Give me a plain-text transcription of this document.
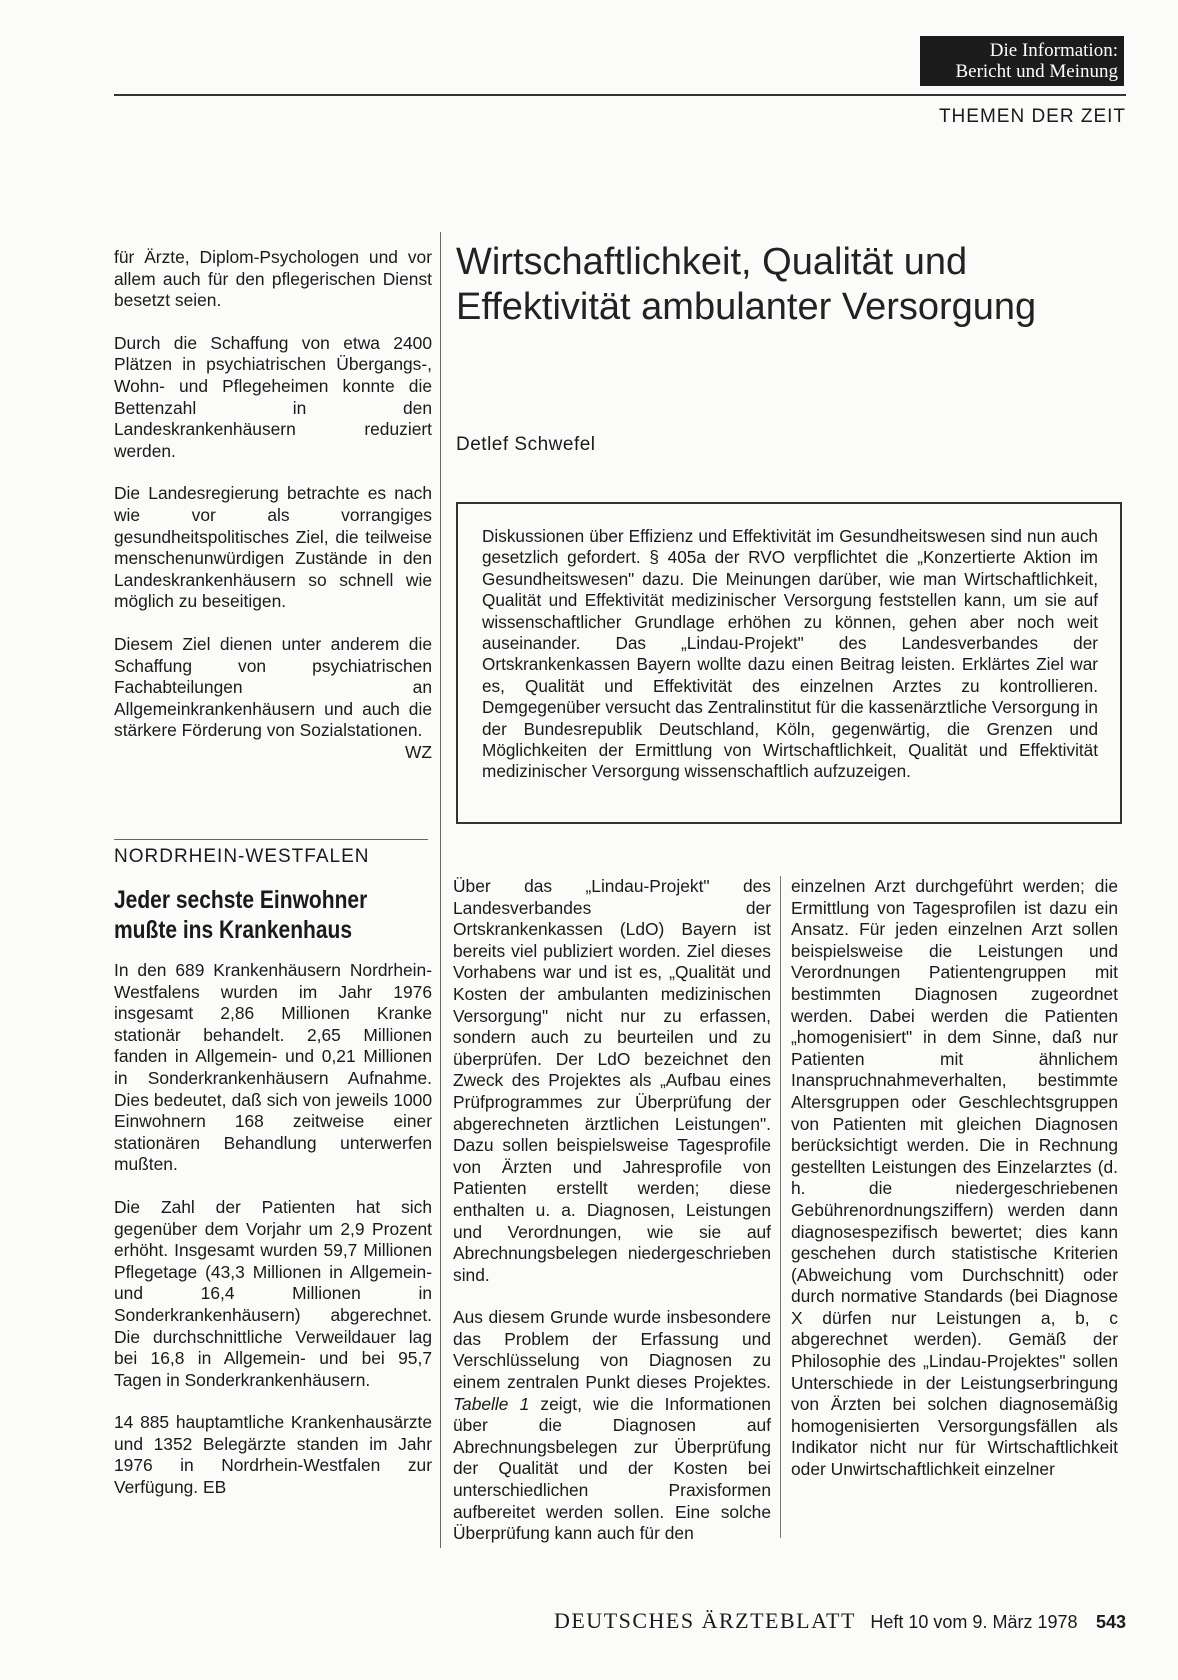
Die Information:
Bericht und Meinung
THEMEN DER ZEIT

für Ärzte, Diplom-Psychologen und vor allem auch für den pflegerischen Dienst besetzt seien.

Durch die Schaffung von etwa 2400 Plätzen in psychiatrischen Übergangs-, Wohn- und Pflegeheimen konnte die Bettenzahl in den Landeskrankenhäusern reduziert werden.

Die Landesregierung betrachte es nach wie vor als vorrangiges gesundheitspolitisches Ziel, die teilweise menschenunwürdigen Zustände in den Landeskrankenhäusern so schnell wie möglich zu beseitigen.

Diesem Ziel dienen unter anderem die Schaffung von psychiatrischen Fachabteilungen an Allgemeinkrankenhäusern und auch die stärkere Förderung von Sozialstationen.
WZ

Wirtschaftlichkeit, Qualität und Effektivität ambulanter Versorgung
Detlef Schwefel
Diskussionen über Effizienz und Effektivität im Gesundheitswesen sind nun auch gesetzlich gefordert. § 405a der RVO verpflichtet die „Konzertierte Aktion im Gesundheitswesen" dazu. Die Meinungen darüber, wie man Wirtschaftlichkeit, Qualität und Effektivität medizinischer Versorgung feststellen kann, um sie auf wissenschaftlicher Grundlage erhöhen zu können, gehen aber noch weit auseinander. Das „Lindau-Projekt" des Landesverbandes der Ortskrankenkassen Bayern wollte dazu einen Beitrag leisten. Erklärtes Ziel war es, Qualität und Effektivität des einzelnen Arztes zu kontrollieren. Demgegenüber versucht das Zentralinstitut für die kassenärztliche Versorgung in der Bundesrepublik Deutschland, Köln, gegenwärtig, die Grenzen und Möglichkeiten der Ermittlung von Wirtschaftlichkeit, Qualität und Effektivität medizinischer Versorgung wissenschaftlich aufzuzeigen.

Über das „Lindau-Projekt" des Landesverbandes der Ortskrankenkassen (LdO) Bayern ist bereits viel publiziert worden. Ziel dieses Vorhabens war und ist es, „Qualität und Kosten der ambulanten medizinischen Versorgung" nicht nur zu erfassen, sondern auch zu beurteilen und zu überprüfen. Der LdO bezeichnet den Zweck des Projektes als „Aufbau eines Prüfprogrammes zur Überprüfung der abgerechneten ärztlichen Leistungen". Dazu sollen beispielsweise Tagesprofile von Ärzten und Jahresprofile von Patienten erstellt werden; diese enthalten u. a. Diagnosen, Leistungen und Verordnungen, wie sie auf Abrechnungsbelegen niedergeschrieben sind.

Aus diesem Grunde wurde insbesondere das Problem der Erfassung und Verschlüsselung von Diagnosen zu einem zentralen Punkt dieses Projektes. Tabelle 1 zeigt, wie die Informationen über die Diagnosen auf Abrechnungsbelegen zur Überprüfung der Qualität und der Kosten bei unterschiedlichen Praxisformen aufbereitet werden sollen. Eine solche Überprüfung kann auch für den

einzelnen Arzt durchgeführt werden; die Ermittlung von Tagesprofilen ist dazu ein Ansatz. Für jeden einzelnen Arzt sollen beispielsweise die Leistungen und Verordnungen Patientengruppen mit bestimmten Diagnosen zugeordnet werden. Dabei werden die Patienten „homogenisiert" in dem Sinne, daß nur Patienten mit ähnlichem Inanspruchnahmeverhalten, bestimmte Altersgruppen oder Geschlechtsgruppen von Patienten mit gleichen Diagnosen berücksichtigt werden. Die in Rechnung gestellten Leistungen des Einzelarztes (d. h. die niedergeschriebenen Gebührenordnungsziffern) werden dann diagnosespezifisch bewertet; dies kann geschehen durch statistische Kriterien (Abweichung vom Durchschnitt) oder durch normative Standards (bei Diagnose X dürfen nur Leistungen a, b, c abgerechnet werden). Gemäß der Philosophie des „Lindau-Projektes" sollen Unterschiede in der Leistungserbringung von Ärzten bei solchen diagnosemäßig homogenisierten Versorgungsfällen als Indikator nicht nur für Wirtschaftlichkeit oder Unwirtschaftlichkeit einzelner

NORDRHEIN-WESTFALEN
Jeder sechste Einwohner
mußte ins Krankenhaus

In den 689 Krankenhäusern Nordrhein-Westfalens wurden im Jahr 1976 insgesamt 2,86 Millionen Kranke stationär behandelt. 2,65 Millionen fanden in Allgemein- und 0,21 Millionen in Sonderkrankenhäusern Aufnahme. Dies bedeutet, daß sich von jeweils 1000 Einwohnern 168 zeitweise einer stationären Behandlung unterwerfen mußten.

Die Zahl der Patienten hat sich gegenüber dem Vorjahr um 2,9 Prozent erhöht. Insgesamt wurden 59,7 Millionen Pflegetage (43,3 Millionen in Allgemein- und 16,4 Millionen in Sonderkrankenhäusern) abgerechnet. Die durchschnittliche Verweildauer lag bei 16,8 in Allgemein- und bei 95,7 Tagen in Sonderkrankenhäusern.

14 885 hauptamtliche Krankenhausärzte und 1352 Belegärzte standen im Jahr 1976 in Nordrhein-Westfalen zur Verfügung. EB

DEUTSCHES ÄRZTEBLATT Heft 10 vom 9. März 1978 543
